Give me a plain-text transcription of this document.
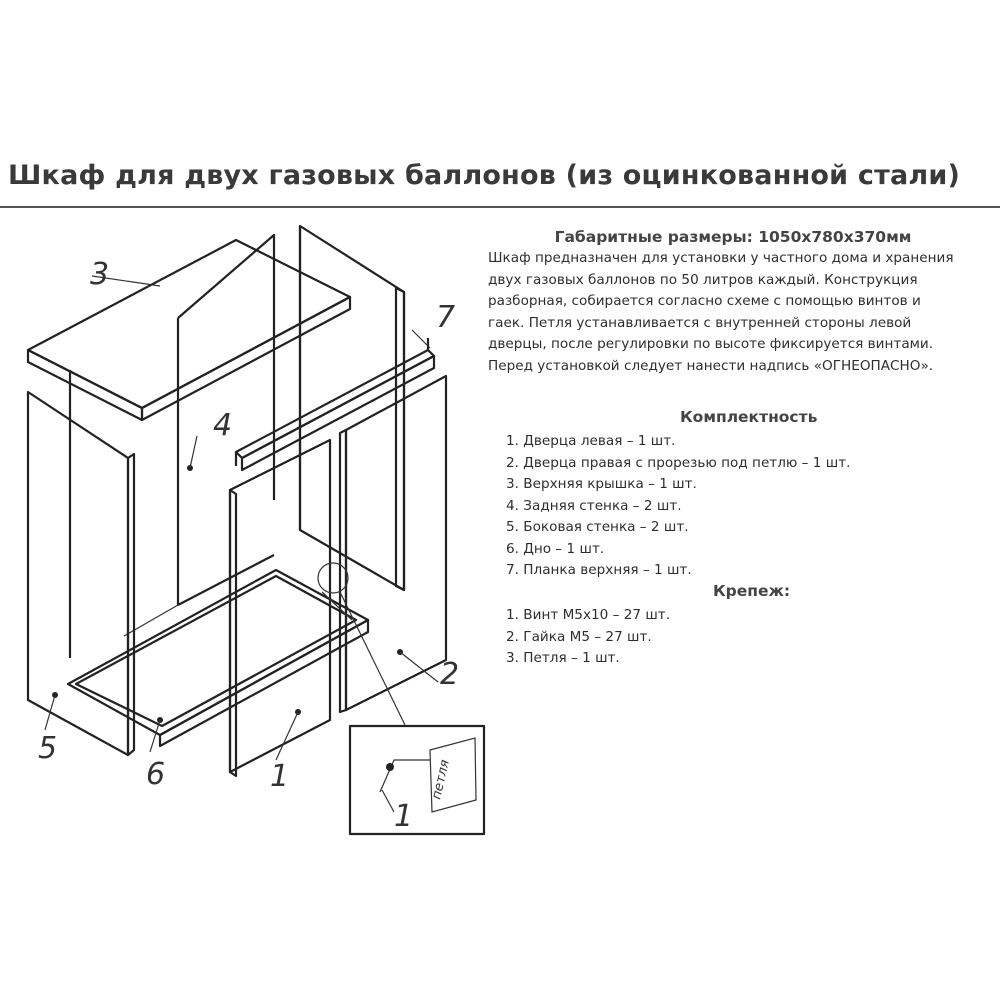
Шкаф для двух газовых баллонов (из оцинкованной стали)
Габаритные размеры: 1050х780х370мм
Шкаф предназначен для установки у частного дома и хранения
двух газовых баллонов по 50 литров каждый. Конструкция
разборная, собирается согласно схеме с помощью винтов и
гаек. Петля устанавливается с внутренней стороны левой
дверцы, после регулировки по высоте фиксируется винтами.
Перед установкой следует нанести надпись «ОГНЕОПАСНО».
Комплектность
1. Дверца левая – 1 шт.
2. Дверца правая с прорезью под петлю – 1 шт.
3. Верхняя крышка – 1 шт.
4. Задняя стенка – 2 шт.
5. Боковая стенка – 2 шт.
6. Дно – 1 шт.
7. Планка верхняя – 1 шт.
Крепеж:
1. Винт М5х10 – 27 шт.
2. Гайка М5 – 27 шт.
3. Петля – 1 шт.
3
4
7
2
5
6	1
1
петля
